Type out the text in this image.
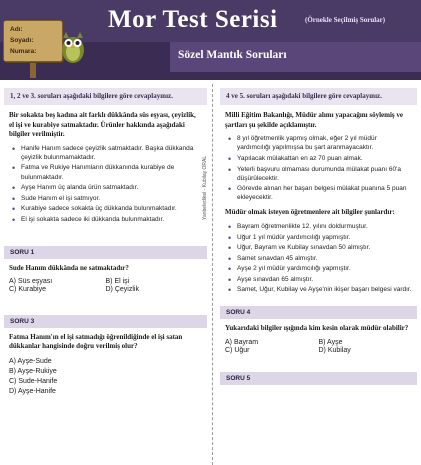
Mor Test Serisi	(Örnekle Seçilmiş Sorular)
Sözel Mantık Soruları
Adı:
Soyadı:
Numara:
Yanbeledikel - Kubilay ORAL
1, 2 ve 3. soruları aşağıdaki bilgilere göre cevaplayınız.
Bir sokakta beş kadına ait farklı dükkânda süs eşyası, çeyizlik, el işi ve kurabiye satmaktadır. Ürünler hakkında aşağıdaki bilgiler verilmiştir.
• Hanife Hanım sadece çeyizlik satmaktadır. Başka dükkanda çeyizlik bulunmamaktadır.
• Fatma ve Rukiye Hanımların dükkanında kurabiye de bulunmaktadır.
• Ayşe Hanım üç alanda ürün satmaktadır.
• Sude Hanım el işi satmıyor.
• Kurabiye sadece sokakta üç dükkanda bulunmaktadır.
• El işi sokakta sadece iki dükkanda bulunmaktadır.
SORU 1
Sude Hanım dükkânda ne satmaktadır?
A) Süs eşyası	B) El işi
C) Kurabiye	D) Çeyizlik
SORU 3
Fatma Hanım'ın el işi satmadığı öğrenildiğinde el işi satan dükkanlar hangisinde doğru verilmiş olur?
A) Ayşe-Sude
B) Ayşe-Rukiye
C) Sude-Hanife
D) Ayşe-Hanife
4 ve 5. soruları aşağıdaki bilgilere göre cevaplayınız.
Milli Eğitim Bakanlığı, Müdür alımı yapacağını söylemiş ve şartları şu şekilde açıklamıştır.
• 8 yıl öğretmenlik yapmış olmak, eğer 2 yıl müdür yardımcılığı yapılmışsa bu şart aranmayacaktır.
• Yapılacak mülakattan en az 70 puan almak.
• Yeterli başvuru olmaması durumunda mülakat puanı 60'a düşürülecektir.
• Görevde alınan her başarı belgesi mülakat puanına 5 puan ekleyecektir.
Müdür olmak isteyen öğretmenlere ait bilgiler şunlardır:
• Bayram öğretmenlikte 12. yılını doldurmuştur.
• Uğur 1 yıl müdür yardımcılığı yapmıştır.
• Uğur, Bayram ve Kubilay sınavdan 50 almıştır.
• Samet sınavdan 45 almıştır.
• Ayşe 2 yıl müdür yardımcılığı yapmıştır.
• Ayşe sınavdan 65 almıştır.
• Samet, Uğur, Kubilay ve Ayşe'nin ikişer başarı belgesi vardır.
SORU 4
Yukarıdaki bilgiler ışığında kim kesin olarak müdür olabilir?
A) Bayram	B) Ayşe
C) Uğur	D) Kubilay
SORU 5
